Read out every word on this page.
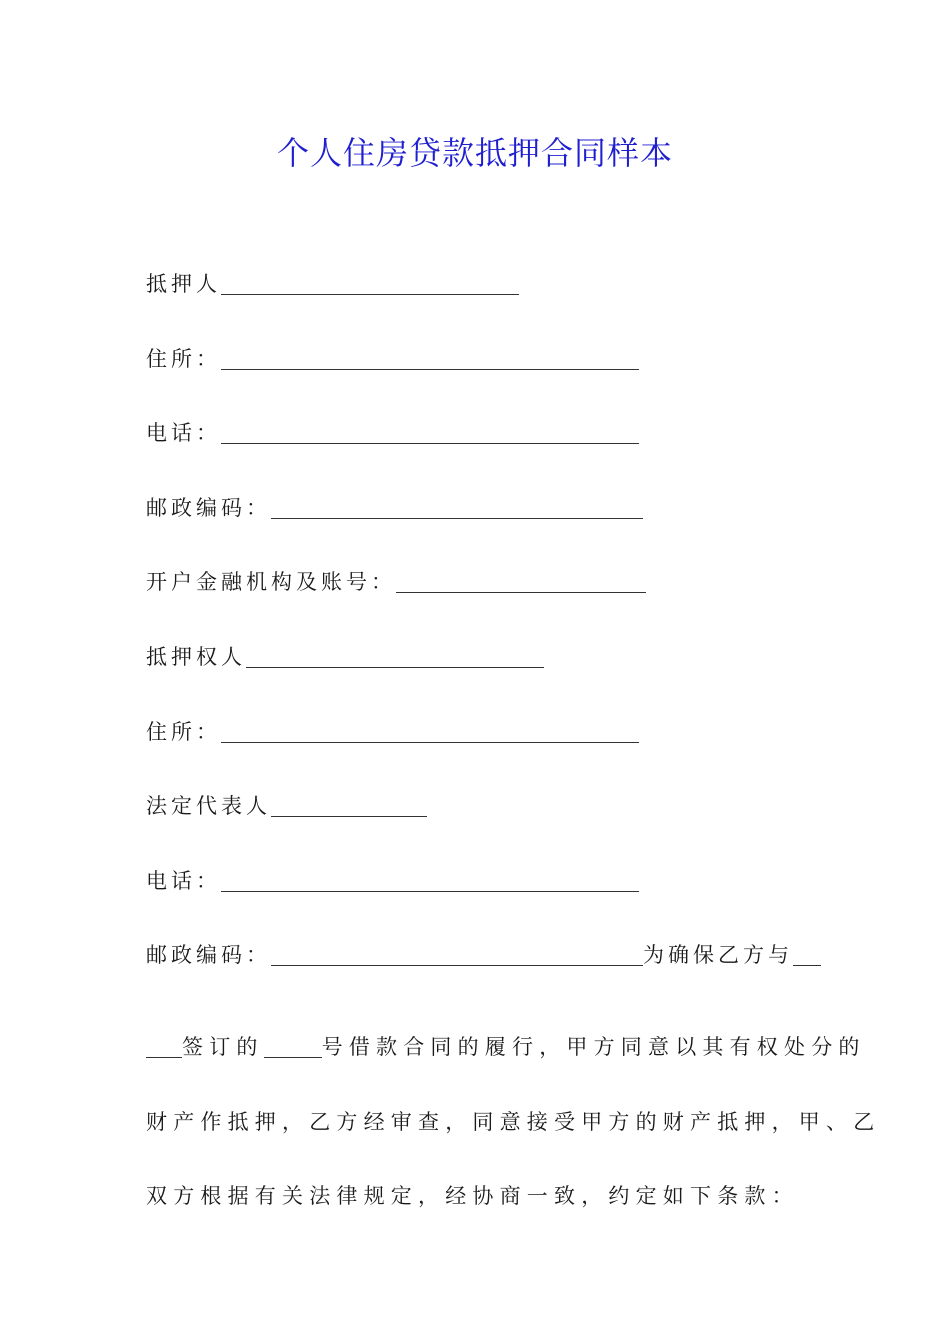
个人住房贷款抵押合同样本
抵押人
住所：
电话：
邮政编码：
开户金融机构及账号：
抵押权人
住所：
法定代表人
电话：
邮政编码：	为确保乙方与
签订的	号借款合同的履行，甲方同意以其有权处分的
财产作抵押，乙方经审查，同意接受甲方的财产抵押，甲、乙
双方根据有关法律规定，经协商一致，约定如下条款：
